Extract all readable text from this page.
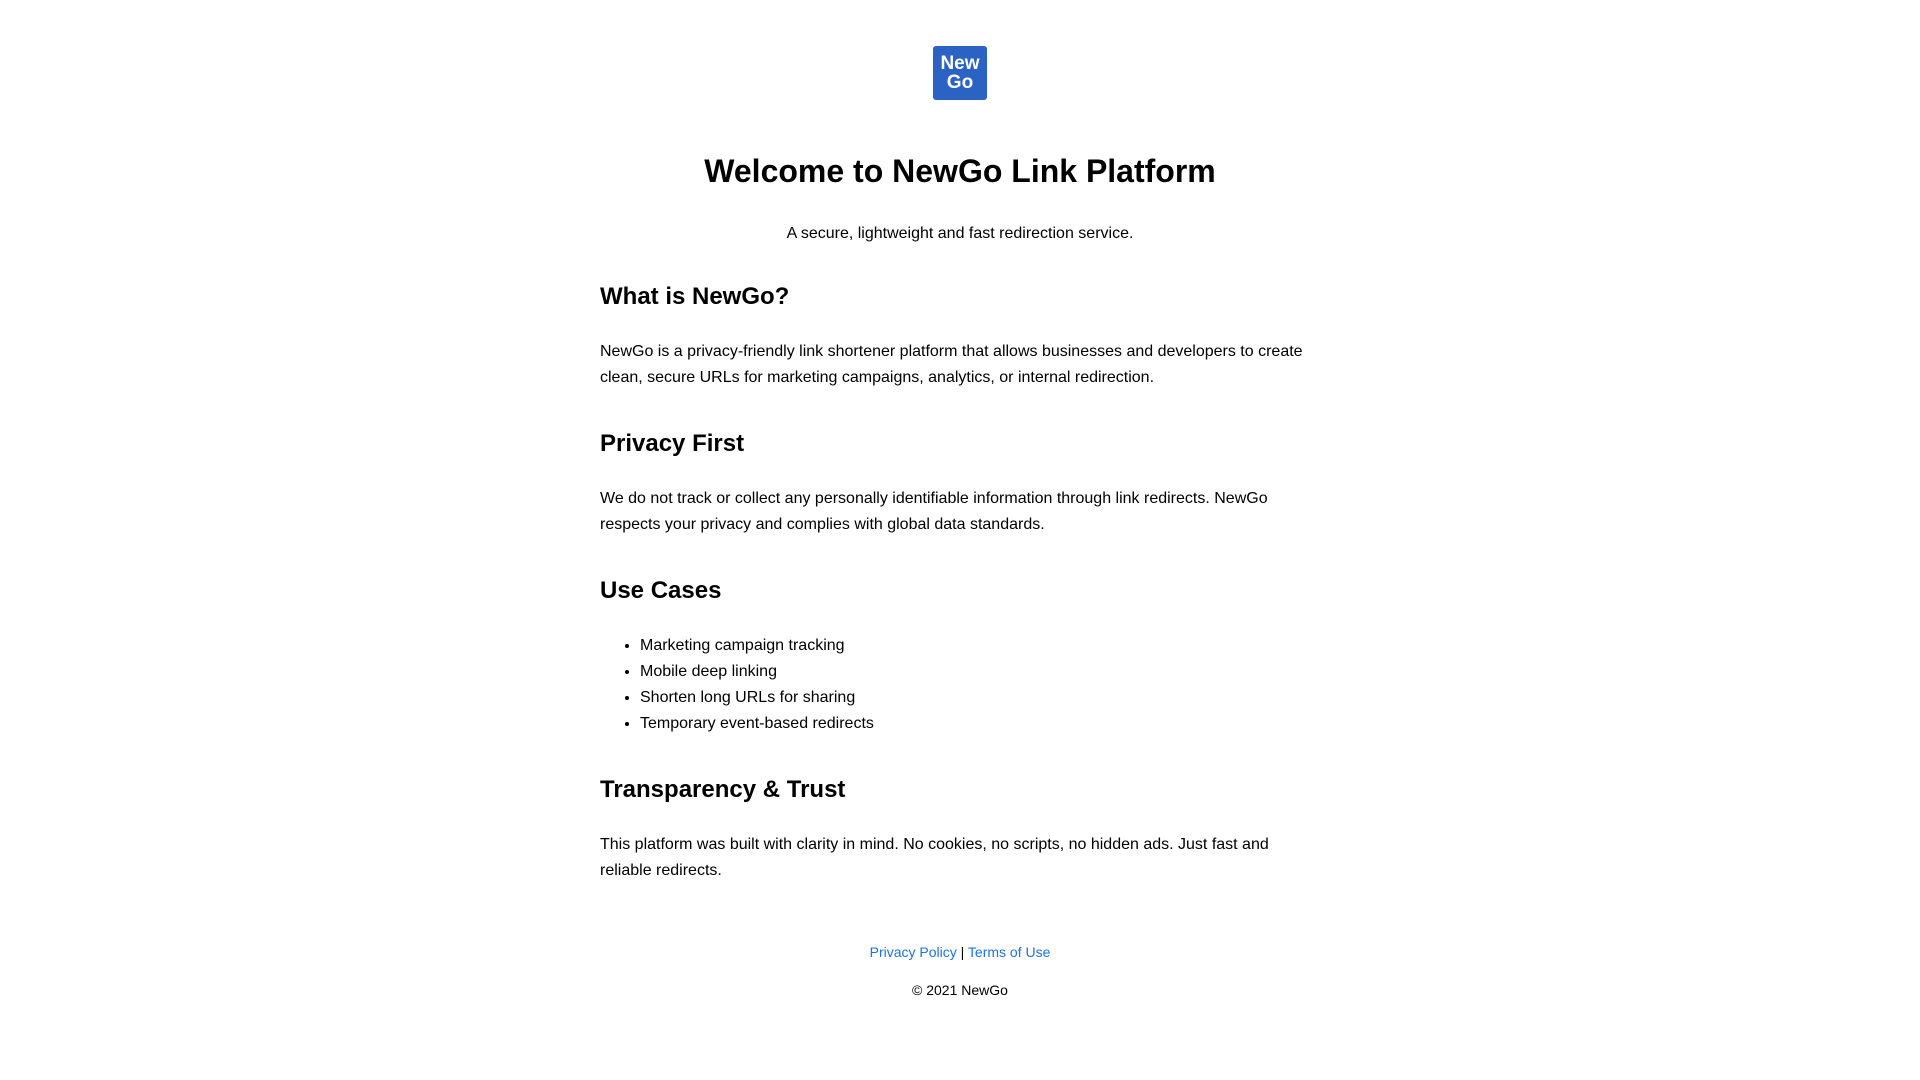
New
Go
Welcome to NewGo Link Platform

A secure, lightweight and fast redirection service.

What is NewGo?

NewGo is a privacy-friendly link shortener platform that allows businesses and developers to create clean, secure URLs for marketing campaigns, analytics, or internal redirection.

Privacy First

We do not track or collect any personally identifiable information through link redirects. NewGo respects your privacy and complies with global data standards.

Use Cases
• Marketing campaign tracking
• Mobile deep linking
• Shorten long URLs for sharing
• Temporary event-based redirects
Transparency & Trust

This platform was built with clarity in mind. No cookies, no scripts, no hidden ads. Just fast and reliable redirects.

Privacy Policy | Terms of Use
© 2021 NewGo
